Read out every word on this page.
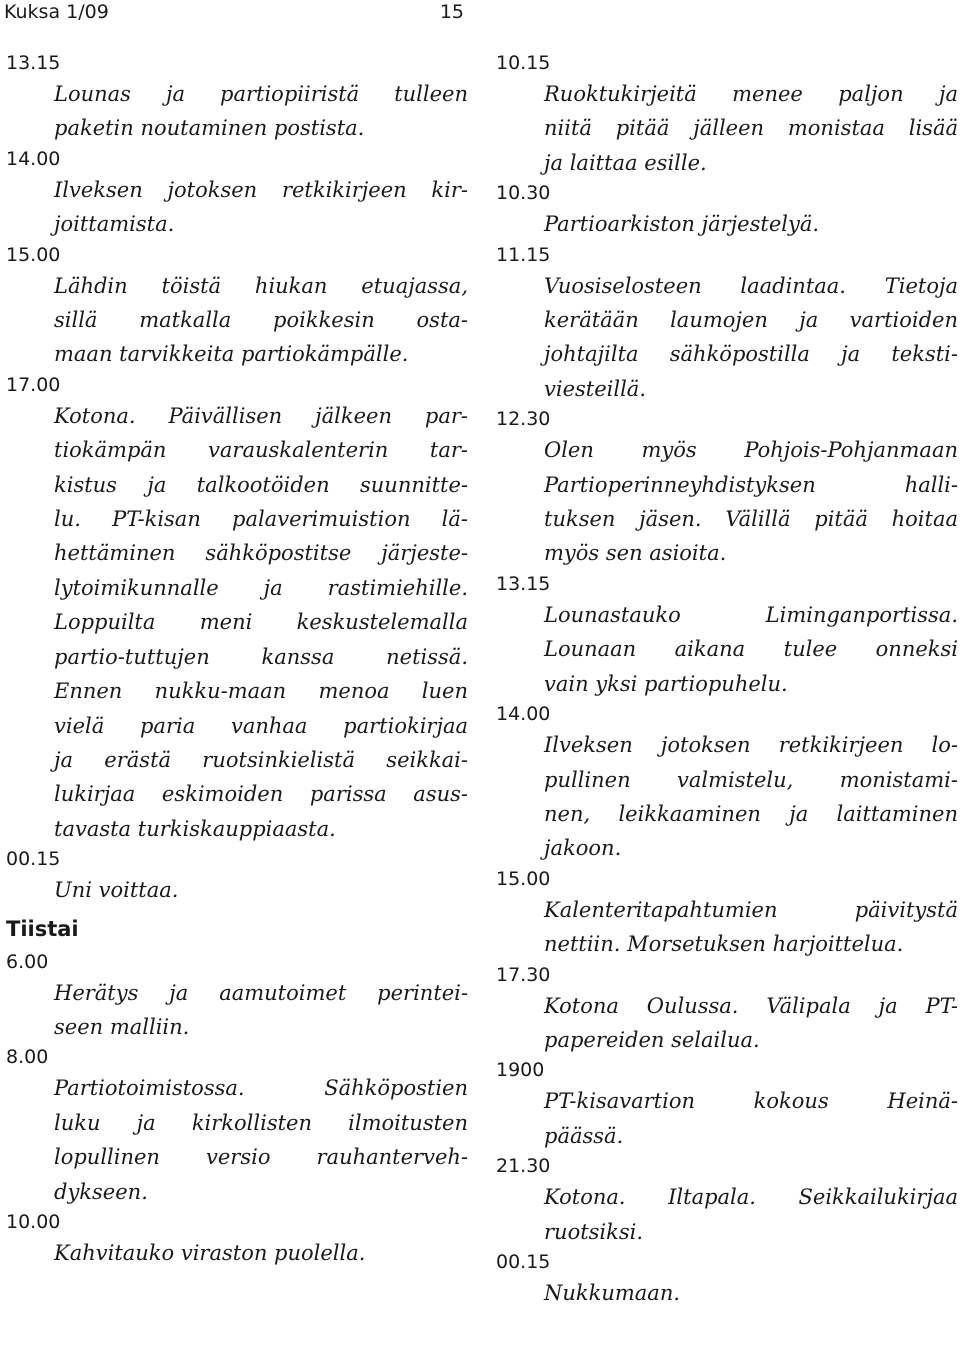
Kuksa 1/09	15
13.15
Lounas ja partiopiiristä tulleen
paketin noutaminen postista.
14.00
Ilveksen jotoksen retkikirjeen kir-
joittamista.
15.00
Lähdin töistä hiukan etuajassa,
sillä matkalla poikkesin osta-
maan tarvikkeita partiokämpälle.
17.00
Kotona. Päivällisen jälkeen par-
tiokämpän varauskalenterin tar-
kistus ja talkootöiden suunnitte-
lu. PT-kisan palaverimuistion lä-
hettäminen sähköpostitse järjeste-
lytoimikunnalle ja rastimiehille.
Loppuilta meni keskustelemalla
partio-tuttujen kanssa netissä.
Ennen nukku-maan menoa luen
vielä paria vanhaa partiokirjaa
ja erästä ruotsinkielistä seikkai-
lukirjaa eskimoiden parissa asus-
tavasta turkiskauppiaasta.
00.15
Uni voittaa.
Tiistai
6.00
Herätys ja aamutoimet perintei-
seen malliin.
8.00
Partiotoimistossa. Sähköpostien
luku ja kirkollisten ilmoitusten
lopullinen versio rauhanterveh-
dykseen.
10.00
Kahvitauko viraston puolella.
10.15
Ruoktukirjeitä menee paljon ja
niitä pitää jälleen monistaa lisää
ja laittaa esille.
10.30
Partioarkiston järjestelyä.
11.15
Vuosiselosteen laadintaa. Tietoja
kerätään laumojen ja vartioiden
johtajilta sähköpostilla ja teksti-
viesteillä.
12.30
Olen myös Pohjois-Pohjanmaan
Partioperinneyhdistyksen halli-
tuksen jäsen. Välillä pitää hoitaa
myös sen asioita.
13.15
Lounastauko Liminganportissa.
Lounaan aikana tulee onneksi
vain yksi partiopuhelu.
14.00
Ilveksen jotoksen retkikirjeen lo-
pullinen valmistelu, monistami-
nen, leikkaaminen ja laittaminen
jakoon.
15.00
Kalenteritapahtumien päivitystä
nettiin. Morsetuksen harjoittelua.
17.30
Kotona Oulussa. Välipala ja PT-
papereiden selailua.
1900
PT-kisavartion kokous Heinä-
päässä.
21.30
Kotona. Iltapala. Seikkailukirjaa
ruotsiksi.
00.15
Nukkumaan.
